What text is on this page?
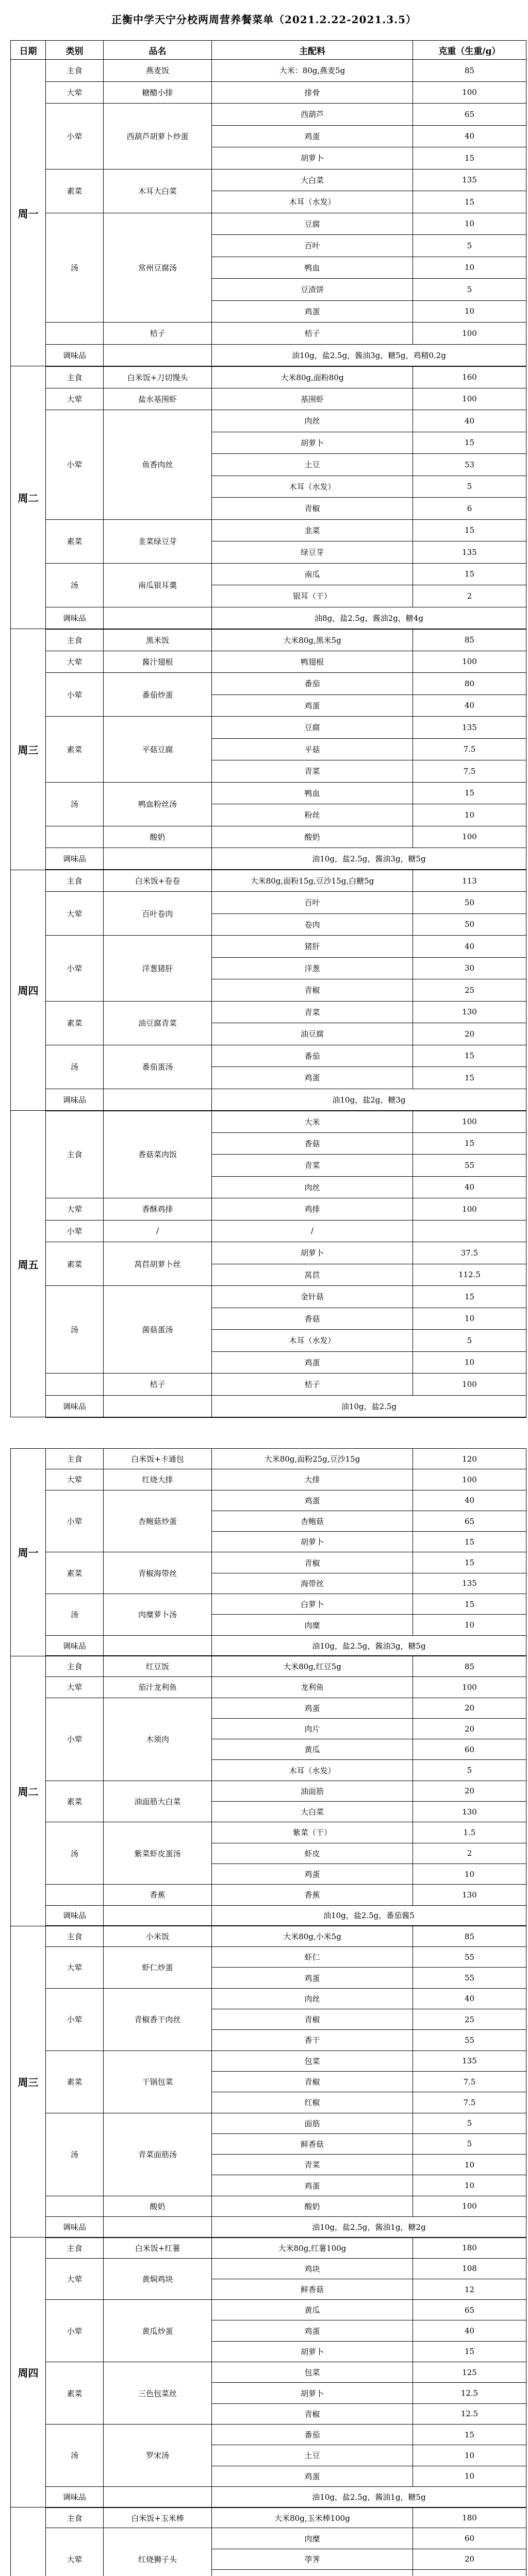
正衡中学天宁分校两周营养餐菜单（2021.2.22-2021.3.5）
日期	类别	品名	主配料	克重（生重/g）
周一	主食	燕麦饭	大米：80g,燕麦5g	85
	大荤	糖醋小排	排骨	100
	小荤	西葫芦胡萝卜炒蛋	西葫芦	65
			鸡蛋	40
			胡萝卜	15
	素菜	木耳大白菜	大白菜	135
			木耳（水发）	15
	汤	常州豆腐汤	豆腐	10
			百叶	5
			鸭血	10
			豆渣饼	5
			鸡蛋	10
		桔子	桔子	100
	调味品		油10g，盐2.5g，酱油3g，糖5g，鸡精0.2g	
周二	主食	白米饭+刀切馒头	大米80g,面粉80g	160
	大荤	盐水基围虾	基围虾	100
	小荤	鱼香肉丝	肉丝	40
			胡萝卜	15
			土豆	53
			木耳（水发）	5
			青椒	6
	素菜	韭菜绿豆芽	韭菜	15
			绿豆芽	135
	汤	南瓜银耳羹	南瓜	15
			银耳（干）	2
	调味品		油8g，盐2.5g，酱油2g，糖4g	
周三	主食	黑米饭	大米80g,黑米5g	85
	大荤	酱汁翅根	鸭翅根	100
	小荤	番茄炒蛋	番茄	80
			鸡蛋	40
	素菜	平菇豆腐	豆腐	135
			平菇	7.5
			青菜	7.5
	汤	鸭血粉丝汤	鸭血	15
			粉丝	10
		酸奶	酸奶	100
	调味品		油10g，盐2.5g，酱油3g，糖5g	
周四	主食	白米饭+卷卷	大米80g,面粉15g,豆沙15g,白糖5g	113
	大荤	百叶卷肉	百叶	50
			卷肉	50
	小荤	洋葱猪肝	猪肝	40
			洋葱	30
			青椒	25
	素菜	油豆腐青菜	青菜	130
			油豆腐	20
	汤	番茄蛋汤	番茄	15
			鸡蛋	15
	调味品		油10g，盐2g，糖3g	
周五	主食	香菇菜肉饭	大米	100
			香菇	15
			青菜	55
			肉丝	40
	大荤	香酥鸡排	鸡排	100
	小荤	/	/	
	素菜	莴苣胡萝卜丝	胡萝卜	37.5
			莴苣	112.5
	汤	菌菇蛋汤	金针菇	15
			香菇	10
			木耳（水发）	5
			鸡蛋	10
		桔子	桔子	100
	调味品		油10g，盐2.5g	
周一	主食	白米饭+卡通包	大米80g,面粉25g,豆沙15g	120
	大荤	红烧大排	大排	100
	小荤	杏鲍菇炒蛋	鸡蛋	40
			杏鲍菇	65
			胡萝卜	15
	素菜	青椒海带丝	青椒	15
			海带丝	135
	汤	肉糜萝卜汤	白萝卜	15
			肉糜	10
	调味品		油10g，盐2.5g，酱油3g，糖5g	
周二	主食	红豆饭	大米80g,红豆5g	85
	大荤	茄汁龙利鱼	龙利鱼	100
	小荤	木须肉	鸡蛋	20
			肉片	20
			黄瓜	60
			木耳（水发）	5
	素菜	油面筋大白菜	油面筋	20
			大白菜	130
	汤	紫菜虾皮蛋汤	紫菜（干）	1.5
			虾皮	2
			鸡蛋	10
		香蕉	香蕉	130
	调味品		油10g，盐2.5g，番茄酱5	
周三	主食	小米饭	大米80g,小米5g	85
	大荤	虾仁炒蛋	虾仁	55
			鸡蛋	55
	小荤	青椒香干肉丝	肉丝	40
			青椒	25
			香干	55
	素菜	干锅包菜	包菜	135
			青椒	7.5
			红椒	7.5
	汤	青菜面筋汤	面筋	5
			鲜香菇	5
			青菜	10
			鸡蛋	10
		酸奶	酸奶	100
	调味品		油10g，盐2.5g，酱油1g，糖2g	
周四	主食	白米饭+红薯	大米80g,红薯100g	180
	大荤	黄焖鸡块	鸡块	108
			鲜香菇	12
	小荤	黄瓜炒蛋	黄瓜	65
			鸡蛋	40
			胡萝卜	15
	素菜	三色包菜丝	包菜	125
			胡萝卜	12.5
			青椒	12.5
	汤	罗宋汤	番茄	15
			土豆	10
			鸡蛋	10
	调味品		油10g，盐2.5g，酱油1g，糖5g	
	主食	白米饭+玉米棒	大米80g,玉米棒100g	180
	大荤	红烧狮子头	肉糜	60
			荸荠	20
